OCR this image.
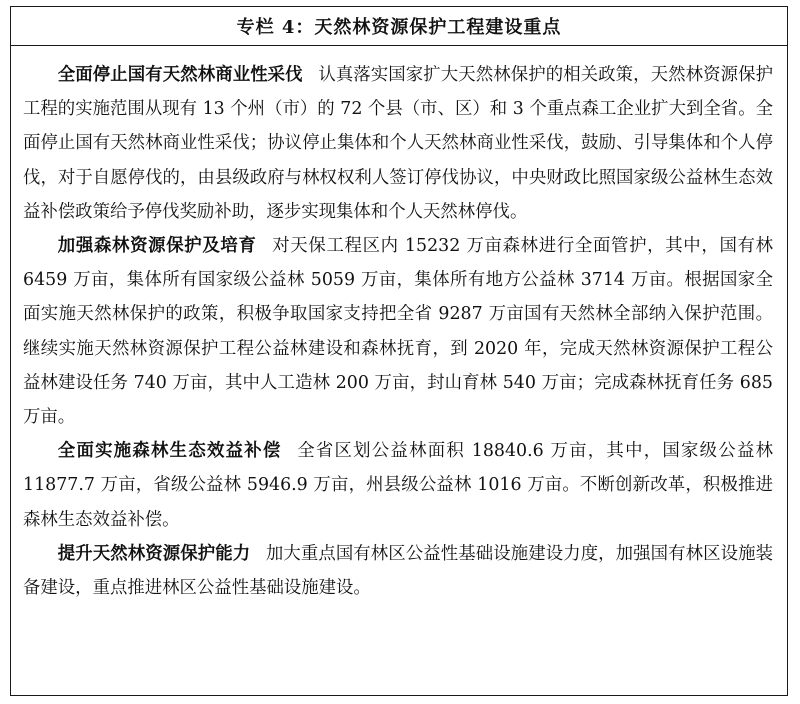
专栏 4：天然林资源保护工程建设重点

全面停止国有天然林商业性采伐 认真落实国家扩大天然林保护的相关政策，天然林资源保护工程的实施范围从现有 13 个州（市）的 72 个县（市、区）和 3 个重点森工企业扩大到全省。全面停止国有天然林商业性采伐；协议停止集体和个人天然林商业性采伐，鼓励、引导集体和个人停伐，对于自愿停伐的，由县级政府与林权权利人签订停伐协议，中央财政比照国家级公益林生态效益补偿政策给予停伐奖励补助，逐步实现集体和个人天然林停伐。

加强森林资源保护及培育 对天保工程区内 15232 万亩森林进行全面管护，其中，国有林 6459 万亩，集体所有国家级公益林 5059 万亩，集体所有地方公益林 3714 万亩。根据国家全面实施天然林保护的政策，积极争取国家支持把全省 9287 万亩国有天然林全部纳入保护范围。继续实施天然林资源保护工程公益林建设和森林抚育，到 2020 年，完成天然林资源保护工程公益林建设任务 740 万亩，其中人工造林 200 万亩，封山育林 540 万亩；完成森林抚育任务 685 万亩。

全面实施森林生态效益补偿 全省区划公益林面积 18840.6 万亩，其中，国家级公益林 11877.7 万亩，省级公益林 5946.9 万亩，州县级公益林 1016 万亩。不断创新改革，积极推进森林生态效益补偿。

提升天然林资源保护能力 加大重点国有林区公益性基础设施建设力度，加强国有林区设施装备建设，重点推进林区公益性基础设施建设。
